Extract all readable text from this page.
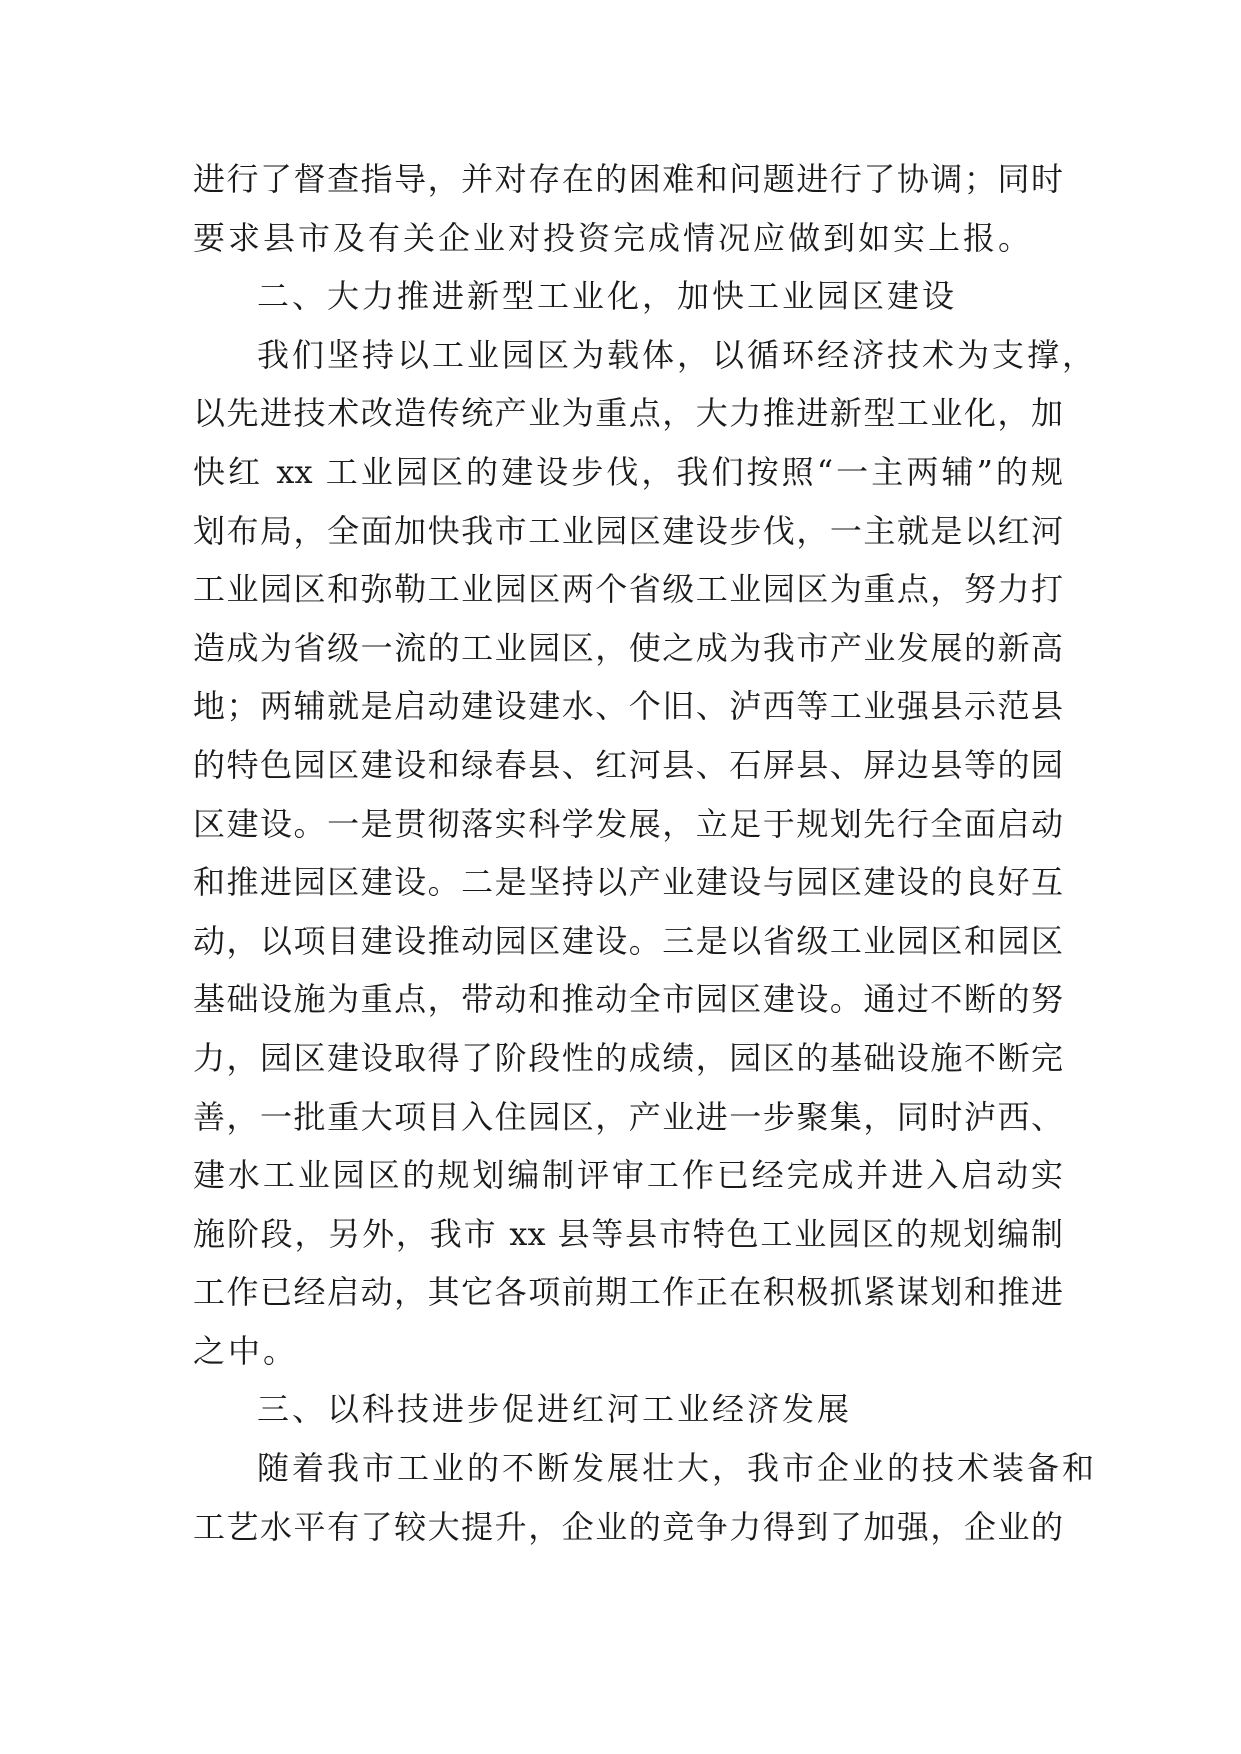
进行了督查指导，并对存在的困难和问题进行了协调；同时
要求县市及有关企业对投资完成情况应做到如实上报。
二、大力推进新型工业化，加快工业园区建设
我们坚持以工业园区为载体，以循环经济技术为支撑，
以先进技术改造传统产业为重点，大力推进新型工业化，加
快红 xx 工业园区的建设步伐，我们按照“一主两辅”的规
划布局，全面加快我市工业园区建设步伐，一主就是以红河
工业园区和弥勒工业园区两个省级工业园区为重点，努力打
造成为省级一流的工业园区，使之成为我市产业发展的新高
地；两辅就是启动建设建水、个旧、泸西等工业强县示范县
的特色园区建设和绿春县、红河县、石屏县、屏边县等的园
区建设。一是贯彻落实科学发展，立足于规划先行全面启动
和推进园区建设。二是坚持以产业建设与园区建设的良好互
动，以项目建设推动园区建设。三是以省级工业园区和园区
基础设施为重点，带动和推动全市园区建设。通过不断的努
力，园区建设取得了阶段性的成绩，园区的基础设施不断完
善，一批重大项目入住园区，产业进一步聚集，同时泸西、
建水工业园区的规划编制评审工作已经完成并进入启动实
施阶段，另外，我市 xx 县等县市特色工业园区的规划编制
工作已经启动，其它各项前期工作正在积极抓紧谋划和推进
之中。
三、以科技进步促进红河工业经济发展
随着我市工业的不断发展壮大，我市企业的技术装备和
工艺水平有了较大提升，企业的竞争力得到了加强，企业的
